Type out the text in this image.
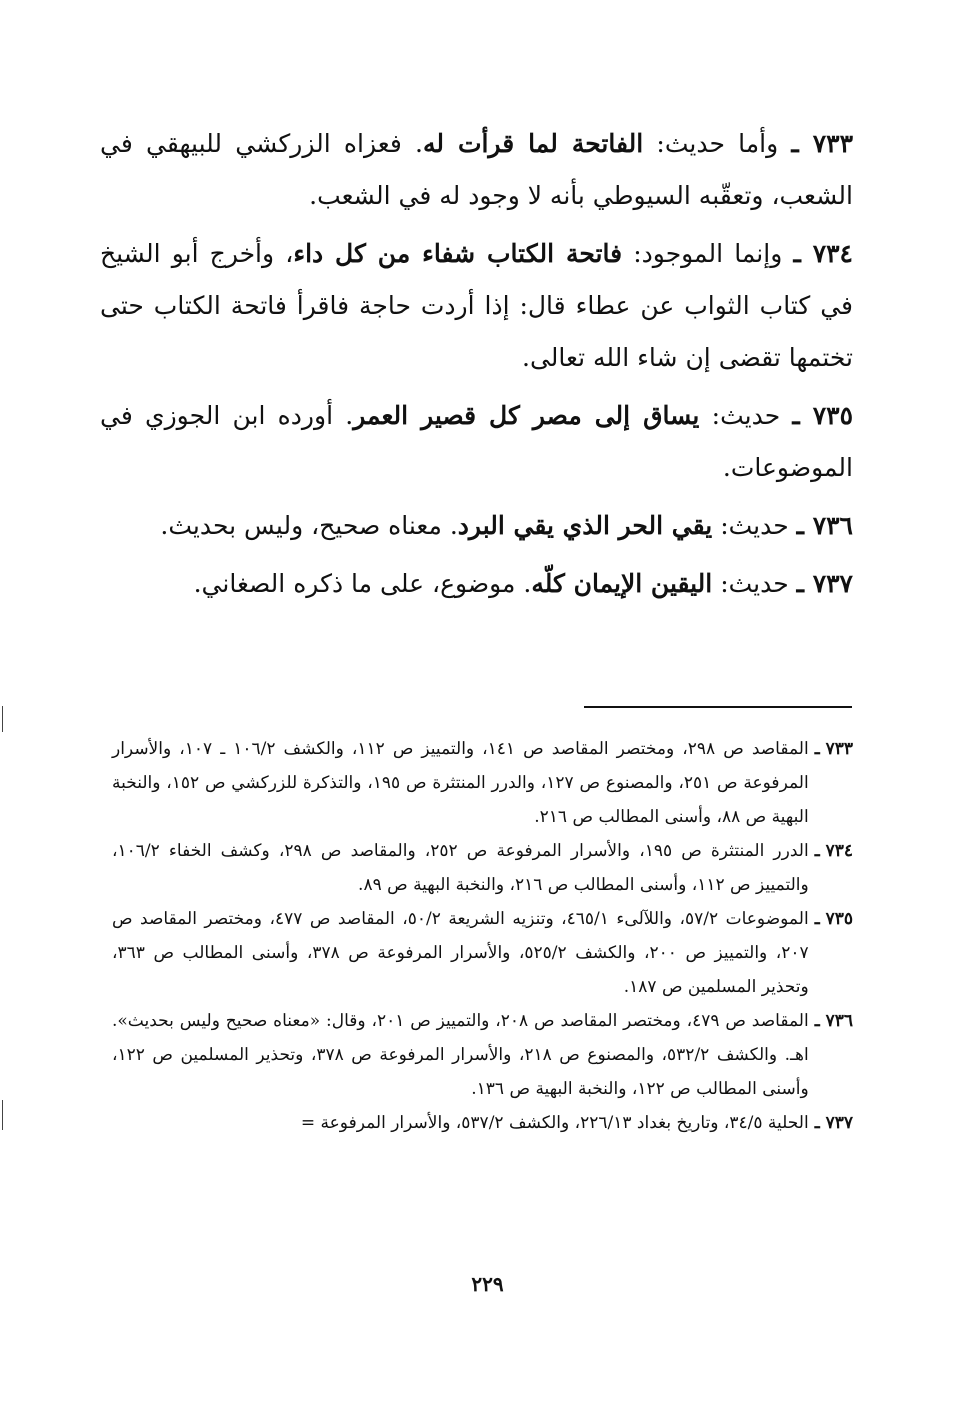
٧٣٣ ـ وأما حديث: الفاتحة لما قرأت له. فعزاه الزركشي للبيهقي في الشعب، وتعقّبه السيوطي بأنه لا وجود له في الشعب.
٧٣٤ ـ وإنما الموجود: فاتحة الكتاب شفاء من كل داء، وأخرج أبو الشيخ في كتاب الثواب عن عطاء قال: إذا أردت حاجة فاقرأ فاتحة الكتاب حتى تختمها تقضى إن شاء الله تعالى.
٧٣٥ ـ حديث: يساق إلى مصر كل قصير العمر. أورده ابن الجوزي في الموضوعات.
٧٣٦ ـ حديث: يقي الحر الذي يقي البرد. معناه صحيح، وليس بحديث.
٧٣٧ ـ حديث: اليقين الإيمان كلّه. موضوع، على ما ذكره الصغاني.
٧٣٣ ـ
المقاصد ص ٢٩٨، ومختصر المقاصد ص ١٤١، والتمييز ص ١١٢، والكشف ١٠٦/٢ ـ ١٠٧، والأسرار المرفوعة ص ٢٥١، والمصنوع ص ١٢٧، والدرر المنتثرة ص ١٩٥، والتذكرة للزركشي ص ١٥٢، والنخبة البهية ص ٨٨، وأسنى المطالب ص ٢١٦.
٧٣٤ ـ
الدرر المنتثرة ص ١٩٥، والأسرار المرفوعة ص ٢٥٢، والمقاصد ص ٢٩٨، وكشف الخفاء ١٠٦/٢، والتمييز ص ١١٢، وأسنى المطالب ص ٢١٦، والنخبة البهية ص ٨٩.
٧٣٥ ـ
الموضوعات ٥٧/٢، واللآلىء ٤٦٥/١، وتنزيه الشريعة ٥٠/٢، المقاصد ص ٤٧٧، ومختصر المقاصد ص ٢٠٧، والتمييز ص ٢٠٠، والكشف ٥٢٥/٢، والأسرار المرفوعة ص ٣٧٨، وأسنى المطالب ص ٣٦٣، وتحذير المسلمين ص ١٨٧.
٧٣٦ ـ
المقاصد ص ٤٧٩، ومختصر المقاصد ص ٢٠٨، والتمييز ص ٢٠١، وقال: «معناه صحيح وليس بحديث». اهـ. والكشف ٥٣٢/٢، والمصنوع ص ٢١٨، والأسرار المرفوعة ص ٣٧٨، وتحذير المسلمين ص ١٢٢، وأسنى المطالب ص ١٢٢، والنخبة البهية ص ١٣٦.
٧٣٧ ـ
الحلية ٣٤/٥، وتاريخ بغداد ٢٢٦/١٣، والكشف ٥٣٧/٢، والأسرار المرفوعة =
٢٢٩
